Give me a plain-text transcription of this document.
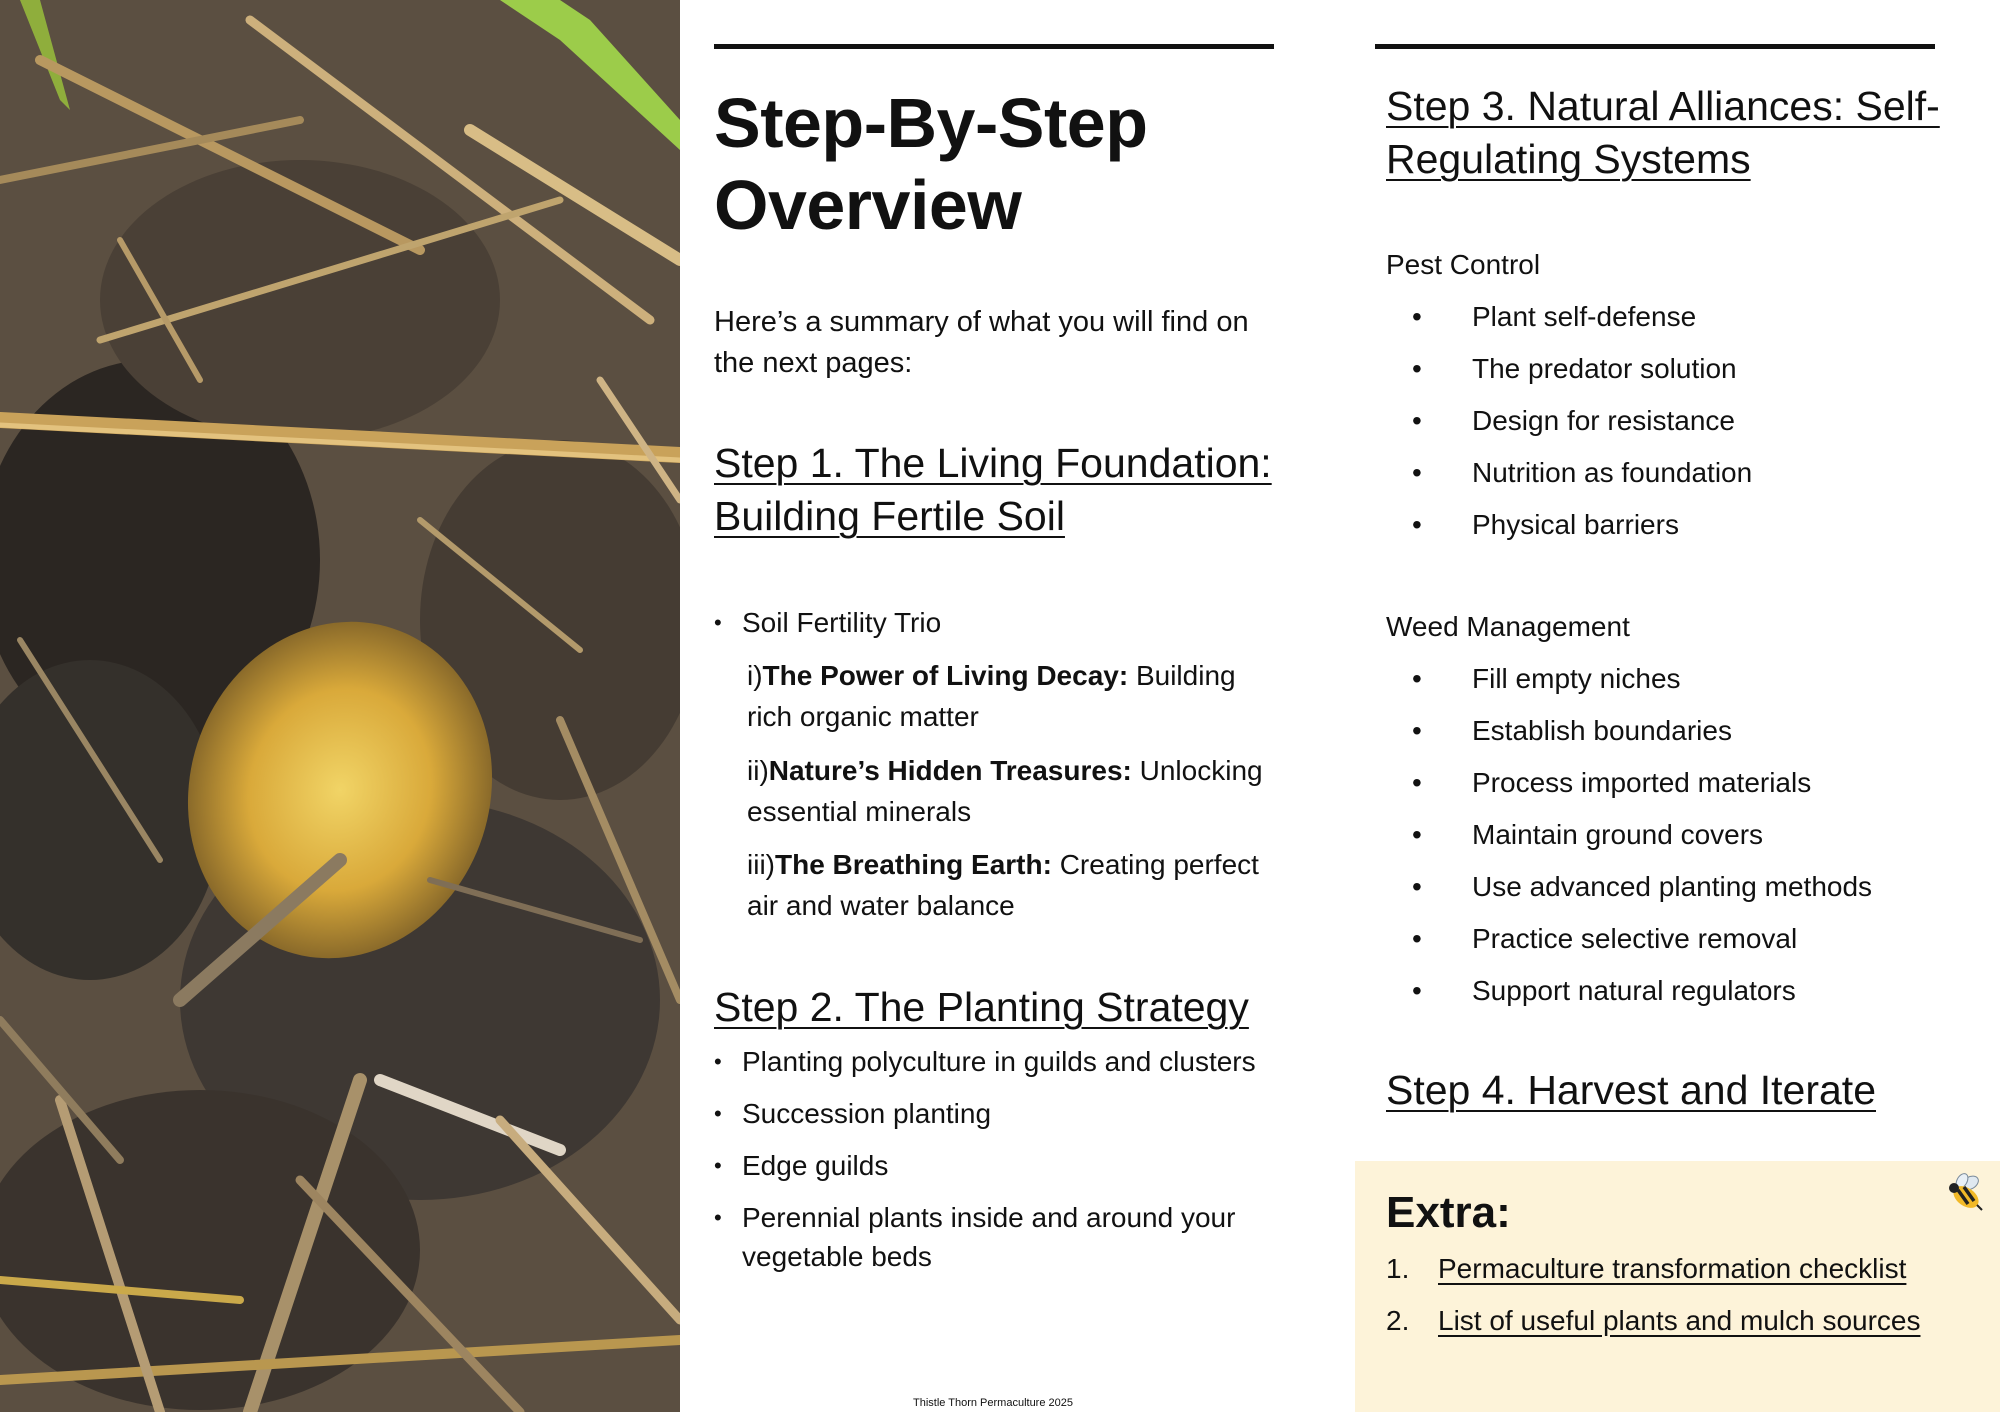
Step-By-Step Overview

Here’s a summary of what you will find on the next pages:

Step 1. The Living Foundation: Building Fertile Soil
• Soil Fertility Trio
i)The Power of Living Decay: Building rich organic matter
ii)Nature’s Hidden Treasures: Unlocking essential minerals
iii)The Breathing Earth: Creating perfect air and water balance
Step 2. The Planting Strategy
• Planting polyculture in guilds and clusters
• Succession planting
• Edge guilds
• Perennial plants inside and around your vegetable beds
Step 3. Natural Alliances: Self-Regulating Systems
Pest Control
• Plant self-defense
• The predator solution
• Design for resistance
• Nutrition as foundation
• Physical barriers
Weed Management
• Fill empty niches
• Establish boundaries
• Process imported materials
• Maintain ground covers
• Use advanced planting methods
• Practice selective removal
• Support natural regulators
Step 4. Harvest and Iterate
Extra:
1. Permaculture transformation checklist
2. List of useful plants and mulch sources
Thistle Thorn Permaculture 2025
